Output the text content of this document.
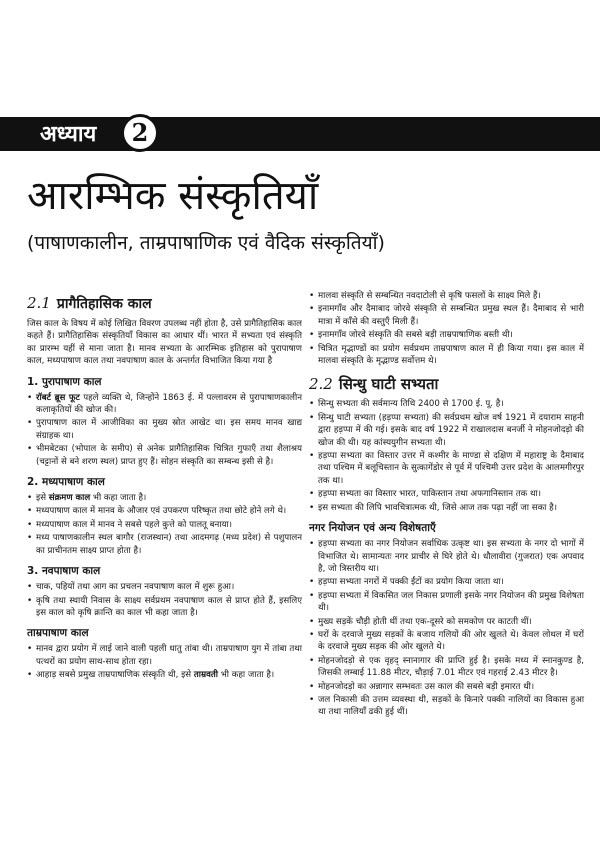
अध्याय	2
आरम्भिक संस्कृतियाँ

(पाषाणकालीन, ताम्रपाषाणिक एवं वैदिक संस्कृतियाँ)

2.1 प्रागैतिहासिक काल

जिस काल के विषय में कोई लिखित विवरण उपलब्ध नहीं होता है, उसे प्रागैतिहासिक काल कहते हैं। प्रागैतिहासिक संस्कृतियाँ विकास का आधार थीं। भारत में सभ्यता एवं संस्कृति का प्रारम्भ यहीं से माना जाता है। मानव सभ्यता के आरम्भिक इतिहास को पुरापाषाण काल, मध्यपाषाण काल तथा नवपाषाण काल के अन्तर्गत विभाजित किया गया है

1. पुरापाषाण काल
• रॉबर्ट ब्रूस फूट पहले व्यक्ति थे, जिन्होंने 1863 ई. में पल्लावरम से पुरापाषाणकालीन कलाकृतियों की खोज की।
• पुरापाषाण काल में आजीविका का मुख्य स्रोत आखेट था। इस समय मानव खाद्य संग्राहक था।
• भीमबेटका (भोपाल के समीप) से अनेक प्रागैतिहासिक चित्रित गुफाएँ तथा शैलाश्रय (चट्टानों से बने शरण स्थल) प्राप्त हुए हैं। सोहन संस्कृति का सम्बन्ध इसी से है।
2. मध्यपाषाण काल
• इसे संक्रमण काल भी कहा जाता है।
• मध्यपाषाण काल में मानव के औजार एवं उपकरण परिष्कृत तथा छोटे होने लगे थे।
• मध्यपाषाण काल में मानव ने सबसे पहले कुत्ते को पालतू बनाया।
• मध्य पाषाणकालीन स्थल बागौर (राजस्थान) तथा आदमगढ़ (मध्य प्रदेश) से पशुपालन का प्राचीनतम साक्ष्य प्राप्त होता है।
3. नवपाषाण काल
• चाक, पहियों तथा आग का प्रचलन नवपाषाण काल में शुरू हुआ।
• कृषि तथा स्थायी निवास के साक्ष्य सर्वप्रथम नवपाषाण काल से प्राप्त होते हैं, इसलिए इस काल को कृषि क्रान्ति का काल भी कहा जाता है।
ताम्रपाषाण काल
• मानव द्वारा प्रयोग में लाई जाने वाली पहली धातु तांबा थी। ताम्रपाषाण युग में तांबा तथा पत्थरों का प्रयोग साथ-साथ होता रहा।
• आहाड़ सबसे प्रमुख ताम्रपाषाणिक संस्कृति थी, इसे ताम्रवती भी कहा जाता है।
• मालवा संस्कृति से सम्बन्धित नवदाटोली से कृषि फसलों के साक्ष्य मिले हैं।
• इनामगाँव और दैमाबाद जोरवे संस्कृति से सम्बन्धित प्रमुख स्थल हैं। दैमाबाद से भारी मात्रा में काँसे की वस्तुएँ मिली हैं।
• इनामगाँव जोरवे संस्कृति की सबसे बड़ी ताम्रपाषाणिक बस्ती थी।
• चित्रित मृद्भाण्डों का प्रयोग सर्वप्रथम ताम्रपाषाण काल में ही किया गया। इस काल में मालवा संस्कृति के मृद्भाण्ड सर्वोत्तम थे।
2.2 सिन्धु घाटी सभ्यता
• सिन्धु सभ्यता की सर्वमान्य तिथि 2400 से 1700 ई. पू. है।
• सिन्धु घाटी सभ्यता (हड़प्पा सभ्यता) की सर्वप्रथम खोज वर्ष 1921 में दयाराम साहनी द्वारा हड़प्पा में की गई। इसके बाद वर्ष 1922 में राखालदास बनर्जी ने मोहनजोदड़ो की खोज की थी। यह कांस्ययुगीन सभ्यता थी।
• हड़प्पा सभ्यता का विस्तार उत्तर में कश्मीर के माण्डा से दक्षिण में महाराष्ट्र के दैमाबाद तथा पश्चिम में बलूचिस्तान के सुत्कागेंडोर से पूर्व में पश्चिमी उत्तर प्रदेश के आलमगीरपुर तक था।
• हड़प्पा सभ्यता का विस्तार भारत, पाकिस्तान तथा अफगानिस्तान तक था।
• इस सभ्यता की लिपि भावचित्रात्मक थी, जिसे आज तक पढ़ा नहीं जा सका है।
नगर नियोजन एवं अन्य विशेषताएँ
• हड़प्पा सभ्यता का नगर नियोजन सर्वाधिक उत्कृष्ट था। इस सभ्यता के नगर दो भागों में विभाजित थे। सामान्यतः नगर प्राचीर से घिरे होते थे। धौलावीरा (गुजरात) एक अपवाद है, जो त्रिस्तरीय था।
• हड़प्पा सभ्यता नगरों में पक्की ईंटों का प्रयोग किया जाता था।
• हड़प्पा सभ्यता में विकसित जल निकास प्रणाली इसके नगर नियोजन की प्रमुख विशेषता थी।
• मुख्य सड़कें चौड़ी होती थीं तथा एक-दूसरे को समकोण पर काटती थीं।
• घरों के दरवाजे मुख्य सड़कों के बजाय गलियों की ओर खुलते थे। केवल लोथल में घरों के दरवाजे मुख्य सड़क की ओर खुलते थे।
• मोहनजोदड़ो से एक वृहद् स्नानागार की प्राप्ति हुई है। इसके मध्य में स्नानकुण्ड है, जिसकी लम्बाई 11.88 मीटर, चौड़ाई 7.01 मीटर एवं गहराई 2.43 मीटर है।
• मोहनजोदड़ो का अन्नागार सम्भवतः उस काल की सबसे बड़ी इमारत थी।
• जल निकासी की उत्तम व्यवस्था थी, सड़कों के किनारे पक्की नालियों का विकास हुआ था तथा नालियाँ ढकी हुई थीं।
